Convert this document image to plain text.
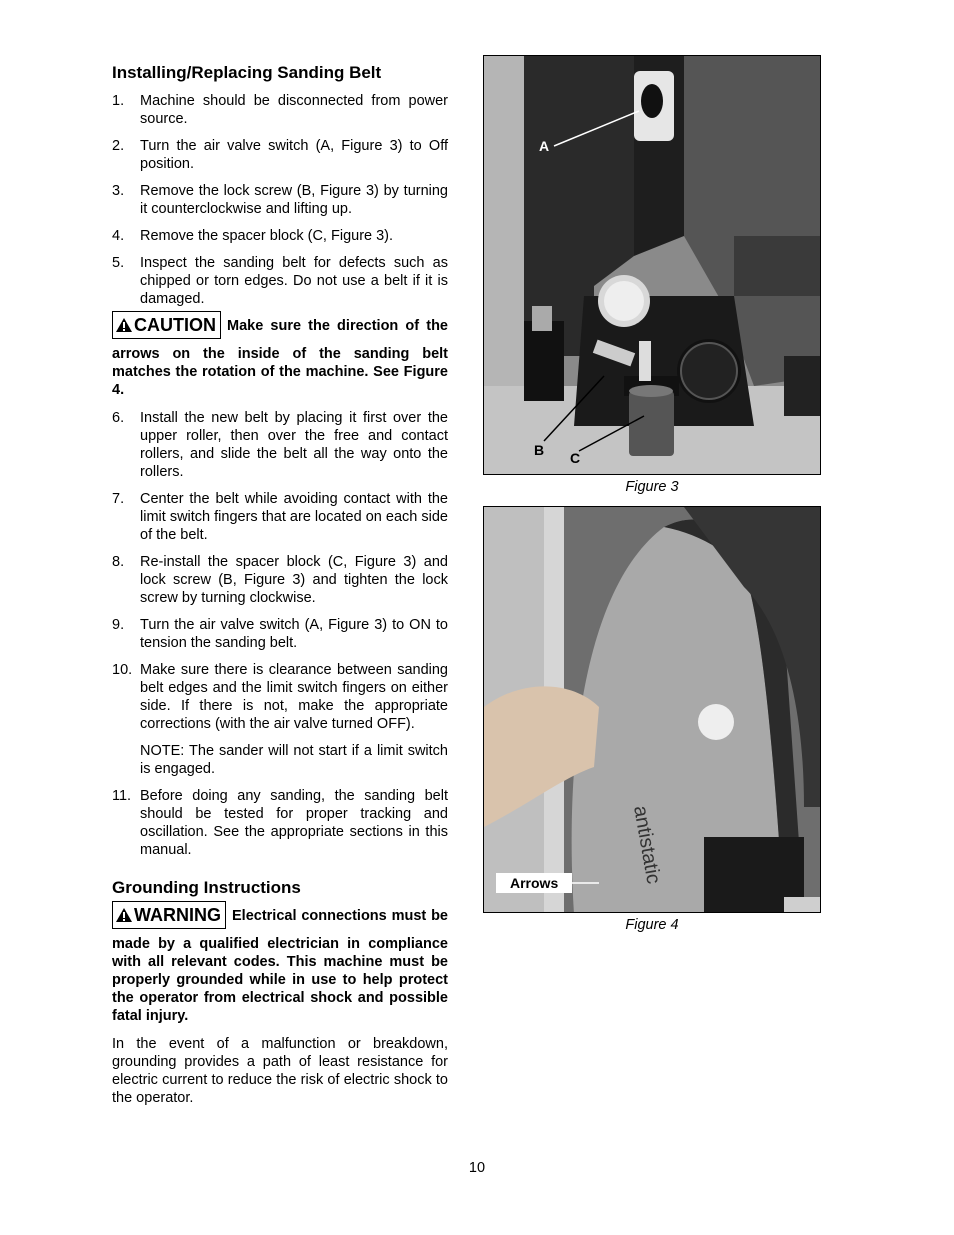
Installing/Replacing Sanding Belt
1.	Machine should be disconnected from power source.
2.	Turn the air valve switch (A, Figure 3) to Off position.
3.	Remove the lock screw (B, Figure 3) by turning it counterclockwise and lifting up.
4.	Remove the spacer block (C, Figure 3).
5.	Inspect the sanding belt for defects such as chipped or torn edges. Do not use a belt if it is damaged.
CAUTION Make sure the direction of the arrows on the inside of the sanding belt matches the rotation of the machine. See Figure 4.
6.	Install the new belt by placing it first over the upper roller, then over the free and contact rollers, and slide the belt all the way onto the rollers.
7.	Center the belt while avoiding contact with the limit switch fingers that are located on each side of the belt.
8.	Re-install the spacer block (C, Figure 3) and lock screw (B, Figure 3) and tighten the lock screw by turning clockwise.
9.	Turn the air valve switch (A, Figure 3) to ON to tension the sanding belt.
10. Make sure there is clearance between sanding belt edges and the limit switch fingers on either side. If there is not, make the appropriate corrections (with the air valve turned OFF).
NOTE: The sander will not start if a limit switch is engaged.
11. Before doing any sanding, the sanding belt should be tested for proper tracking and oscillation. See the appropriate sections in this manual.
Grounding Instructions
WARNING Electrical connections must be made by a qualified electrician in compliance with all relevant codes. This machine must be properly grounded while in use to help protect the operator from electrical shock and possible fatal injury.

In the event of a malfunction or breakdown, grounding provides a path of least resistance for electric current to reduce the risk of electric shock to the operator.

A
B C
Figure 3
antistatic
Arrows
Figure 4
10
